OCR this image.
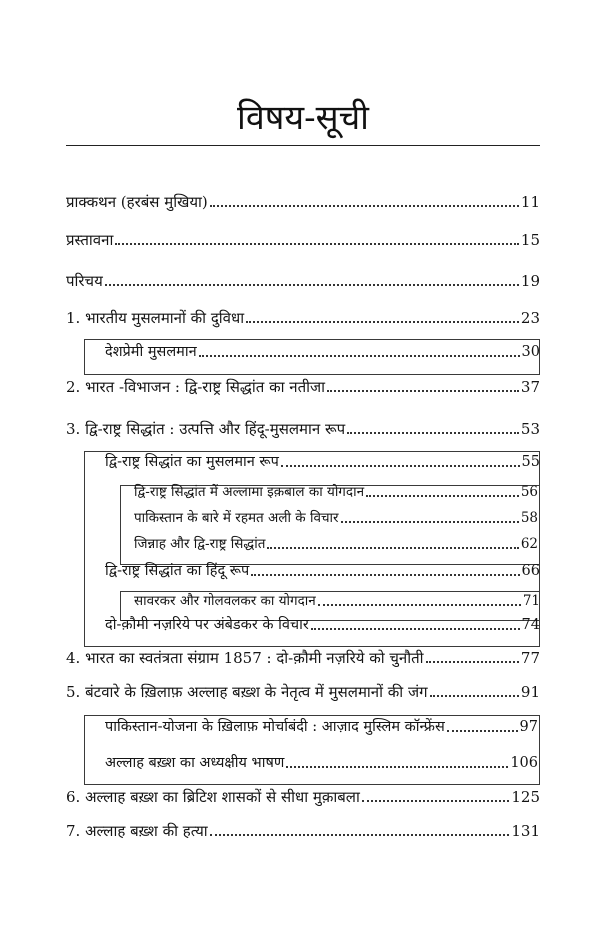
विषय-सूची
प्राक्कथन (हरबंस मुखिया)	11
प्रस्तावना	15
परिचय	19
1. भारतीय मुसलमानों की दुविधा	23
देशप्रेमी मुसलमान	30
2. भारत -विभाजन : द्वि-राष्ट्र सिद्धांत का नतीजा	37
3. द्वि-राष्ट्र सिद्धांत : उत्पत्ति और हिंदू-मुसलमान रूप	53
द्वि-राष्ट्र सिद्धांत का मुसलमान रूप	55
द्वि-राष्ट्र सिद्धांत में अल्लामा इक़बाल का योगदान	56
पाकिस्तान के बारे में रहमत अली के विचार	58
जिन्नाह और द्वि-राष्ट्र सिद्धांत	62
द्वि-राष्ट्र सिद्धांत का हिंदू रूप	66
सावरकर और गोलवलकर का योगदान	71
दो-क़ौमी नज़रिये पर अंबेडकर के विचार	74
4. भारत का स्वतंत्रता संग्राम 1857 : दो-क़ौमी नज़रिये को चुनौती	77
5. बंटवारे के ख़िलाफ़ अल्लाह बख़्श के नेतृत्व में मुसलमानों की जंग	91
पाकिस्तान-योजना के ख़िलाफ़ मोर्चाबंदी : आज़ाद मुस्लिम कॉन्फ्रेंस	97
अल्लाह बख़्श का अध्यक्षीय भाषण	106
6. अल्लाह बख़्श का ब्रिटिश शासकों से सीधा मुक़ाबला	125
7. अल्लाह बख़्श की हत्या	131
